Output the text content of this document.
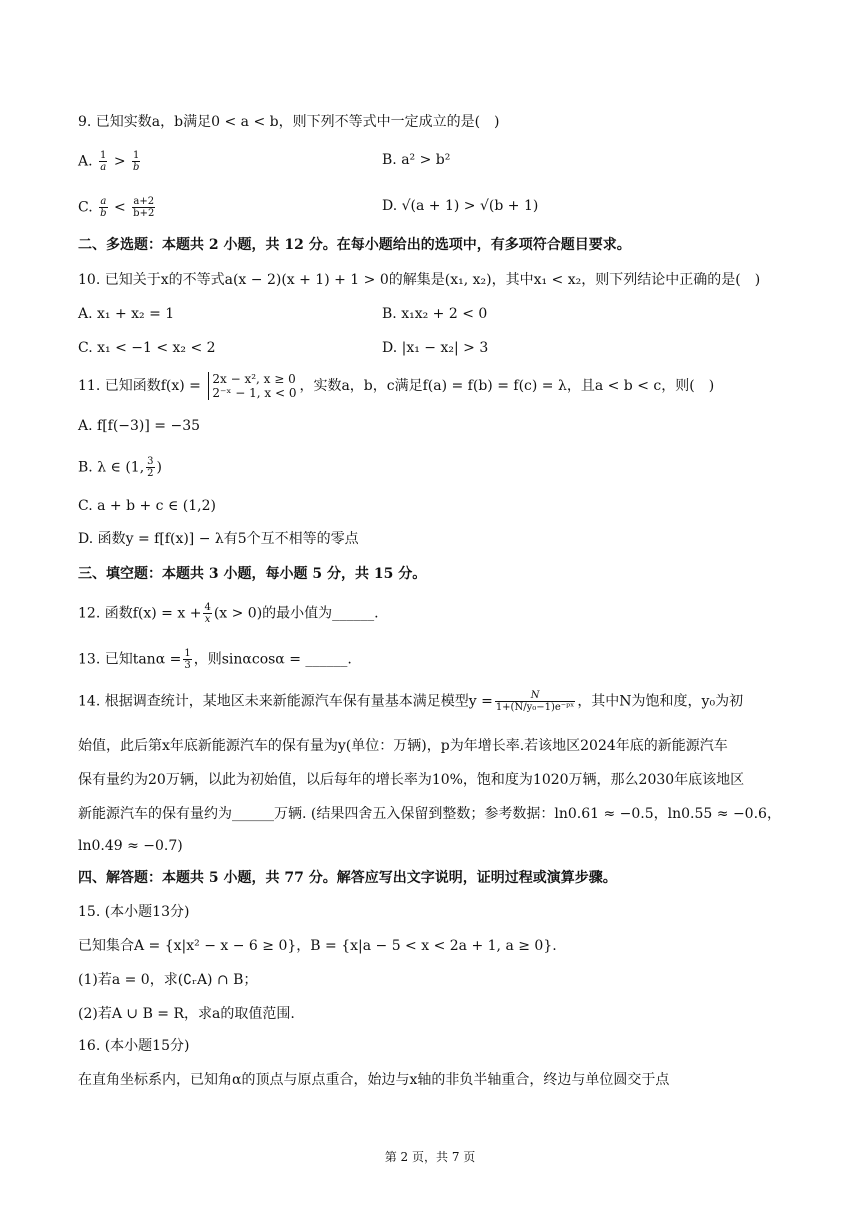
9. 已知实数a，b满足0 < a < b，则下列不等式中一定成立的是(　)
A. $\frac{1}{a} > \frac{1}{b}$	B. a² > b²
C. $\frac{a}{b} < \frac{a+2}{b+2}$	D. √(a + 1) > √(b + 1)
二、多选题：本题共 2 小题，共 12 分。在每小题给出的选项中，有多项符合题目要求。
10. 已知关于x的不等式a(x − 2)(x + 1) + 1 > 0的解集是(x₁, x₂)，其中x₁ < x₂，则下列结论中正确的是(　)
A. x₁ + x₂ = 1	B. x₁x₂ + 2 < 0
C. x₁ < −1 < x₂ < 2	D. |x₁ − x₂| > 3
11. 已知函数f(x) = 2x − x², x ≥ 0
2⁻ˣ − 1, x < 0 ，实数a，b，c满足f(a) = f(b) = f(c) = λ，且a < b < c，则(　)
A. f[f(−3)] = −35
B. λ ∈ (1, $\frac{3}{2}$ )
C. a + b + c ∈ (1,2)
D. 函数y = f[f(x)] − λ有5个互不相等的零点
三、填空题：本题共 3 小题，每小题 5 分，共 15 分。
12. 函数$f(x) = x + \frac{4}{x} (x > 0)$的最小值为______.
13. 已知$\tan\alpha = \frac{1}{3}$ ，则sinαcosα = ______.
14. 根据调查统计，某地区未来新能源汽车保有量基本满足模型$y = \frac{N}{\text{1+(N/y₀−1)e⁻ᵖˣ}}$ ，其中N为饱和度，y₀为初
始值，此后第x年底新能源汽车的保有量为y(单位：万辆)，p为年增长率.若该地区2024年底的新能源汽车
保有量约为20万辆，以此为初始值，以后每年的增长率为10%，饱和度为1020万辆，那么2030年底该地区
新能源汽车的保有量约为______万辆. (结果四舍五入保留到整数；参考数据：ln0.61 ≈ −0.5，ln0.55 ≈ −0.6，
ln0.49 ≈ −0.7)
四、解答题：本题共 5 小题，共 77 分。解答应写出文字说明，证明过程或演算步骤。
15. (本小题13分)
已知集合A = {x|x² − x − 6 ≥ 0}，B = {x|a − 5 < x < 2a + 1, a ≥ 0}.
(1)若a = 0，求(∁ᵣA) ∩ B；
(2)若A ∪ B = R，求a的取值范围.
16. (本小题15分)
在直角坐标系内，已知角α的顶点与原点重合，始边与x轴的非负半轴重合，终边与单位圆交于点
第 2 页，共 7 页
